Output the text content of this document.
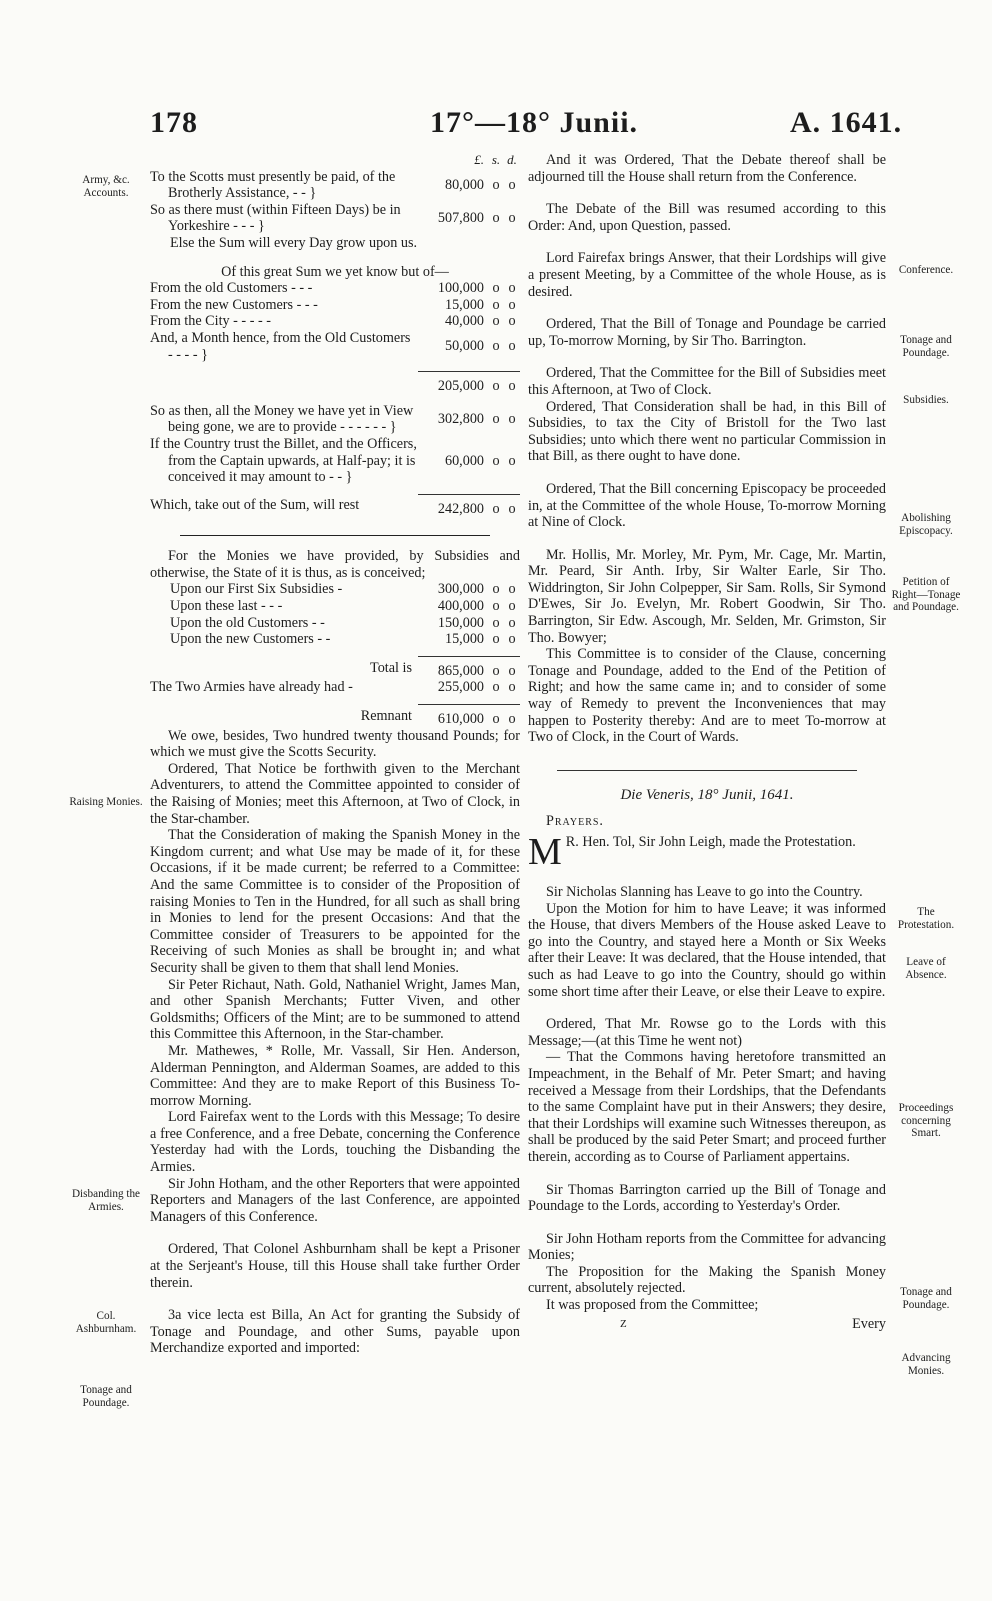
178	17°—18° Junii.	A. 1641.
Army, &c. Accounts.
Raising Monies.
Disbanding the Armies.
Col. Ashburnham.
Tonage and Poundage.
Conference.
Tonage and Poundage.
Subsidies.
Abolishing Episcopacy.
Petition of Right—Tonage and Poundage.
The Protestation.
Leave of Absence.
Proceedings concerning Smart.
Tonage and Poundage.
Advancing Monies.
	£.	s.	d.
To the Scotts must presently be paid, of the Brotherly Assistance, - - }	80,000	o	o
So as there must (within Fifteen Days) be in Yorkeshire - - - }	507,800	o	o
Else the Sum will every Day grow upon us.			
Of this great Sum we yet know but of—
From the old Customers - - -	100,000	o	o
From the new Customers - - -	15,000	o	o
From the City - - - - -	40,000	o	o
And, a Month hence, from the Old Customers - - - - }	50,000	o	o

	205,000	o	o

So as then, all the Money we have yet in View being gone, we are to provide - - - - - - }	302,800	o	o
If the Country trust the Billet, and the Officers, from the Captain upwards, at Half-pay; it is conceived it may amount to - - }	60,000	o	o

Which, take out of the Sum, will rest	242,800	o	o

For the Monies we have provided, by Subsidies and otherwise, the State of it is thus, as is conceived;

Upon our First Six Subsidies -	300,000	o	o
Upon these last - - -	400,000	o	o
Upon the old Customers - -	150,000	o	o
Upon the new Customers - -	15,000	o	o

Total is	865,000	o	o
The Two Armies have already had -	255,000	o	o

Remnant	610,000	o	o

We owe, besides, Two hundred twenty thousand Pounds; for which we must give the Scotts Security.

Ordered, That Notice be forthwith given to the Merchant Adventurers, to attend the Committee appointed to consider of the Raising of Monies; meet this Afternoon, at Two of Clock, in the Star-chamber.

That the Consideration of making the Spanish Money in the Kingdom current; and what Use may be made of it, for these Occasions, if it be made current; be referred to a Committee: And the same Committee is to consider of the Proposition of raising Monies to Ten in the Hundred, for all such as shall bring in Monies to lend for the present Occasions: And that the Committee consider of Treasurers to be appointed for the Receiving of such Monies as shall be brought in; and what Security shall be given to them that shall lend Monies.

Sir Peter Richaut, Nath. Gold, Nathaniel Wright, James Man, and other Spanish Merchants; Futter Viven, and other Goldsmiths; Officers of the Mint; are to be summoned to attend this Committee this Afternoon, in the Star-chamber.

Mr. Mathewes, * Rolle, Mr. Vassall, Sir Hen. Anderson, Alderman Pennington, and Alderman Soames, are added to this Committee: And they are to make Report of this Business To-morrow Morning.

Lord Fairefax went to the Lords with this Message; To desire a free Conference, and a free Debate, concerning the Conference Yesterday had with the Lords, touching the Disbanding the Armies.

Sir John Hotham, and the other Reporters that were appointed Reporters and Managers of the last Conference, are appointed Managers of this Conference.

Ordered, That Colonel Ashburnham shall be kept a Prisoner at the Serjeant's House, till this House shall take further Order therein.

3a vice lecta est Billa, An Act for granting the Subsidy of Tonage and Poundage, and other Sums, payable upon Merchandize exported and imported:

And it was Ordered, That the Debate thereof shall be adjourned till the House shall return from the Conference.

The Debate of the Bill was resumed according to this Order: And, upon Question, passed.

Lord Fairefax brings Answer, that their Lordships will give a present Meeting, by a Committee of the whole House, as is desired.

Ordered, That the Bill of Tonage and Poundage be carried up, To-morrow Morning, by Sir Tho. Barrington.

Ordered, That the Committee for the Bill of Subsidies meet this Afternoon, at Two of Clock.

Ordered, That Consideration shall be had, in this Bill of Subsidies, to tax the City of Bristoll for the Two last Subsidies; unto which there went no particular Commission in that Bill, as there ought to have done.

Ordered, That the Bill concerning Episcopacy be proceeded in, at the Committee of the whole House, To-morrow Morning at Nine of Clock.

Mr. Hollis, Mr. Morley, Mr. Pym, Mr. Cage, Mr. Martin, Mr. Peard, Sir Anth. Irby, Sir Walter Earle, Sir Tho. Widdrington, Sir John Colpepper, Sir Sam. Rolls, Sir Symond D'Ewes, Sir Jo. Evelyn, Mr. Robert Goodwin, Sir Tho. Barrington, Sir Edw. Ascough, Mr. Selden, Mr. Grimston, Sir Tho. Bowyer;

This Committee is to consider of the Clause, concerning Tonage and Poundage, added to the End of the Petition of Right; and how the same came in; and to consider of some way of Remedy to prevent the Inconveniences that may happen to Posterity thereby: And are to meet To-morrow at Two of Clock, in the Court of Wards.

Die Veneris, 18° Junii, 1641.
Prayers.

M R. Hen. Tol, Sir John Leigh, made the Protestation.

Sir Nicholas Slanning has Leave to go into the Country.

Upon the Motion for him to have Leave; it was informed the House, that divers Members of the House asked Leave to go into the Country, and stayed here a Month or Six Weeks after their Leave: It was declared, that the House intended, that such as had Leave to go into the Country, should go within some short time after their Leave, or else their Leave to expire.

Ordered, That Mr. Rowse go to the Lords with this Message;—(at this Time he went not)

— That the Commons having heretofore transmitted an Impeachment, in the Behalf of Mr. Peter Smart; and having received a Message from their Lordships, that the Defendants to the same Complaint have put in their Answers; they desire, that their Lordships will examine such Witnesses thereupon, as shall be produced by the said Peter Smart; and proceed further therein, according as to Course of Parliament appertains.

Sir Thomas Barrington carried up the Bill of Tonage and Poundage to the Lords, according to Yesterday's Order.

Sir John Hotham reports from the Committee for advancing Monies;

The Proposition for the Making the Spanish Money current, absolutely rejected.

It was proposed from the Committee;

Z	Every
